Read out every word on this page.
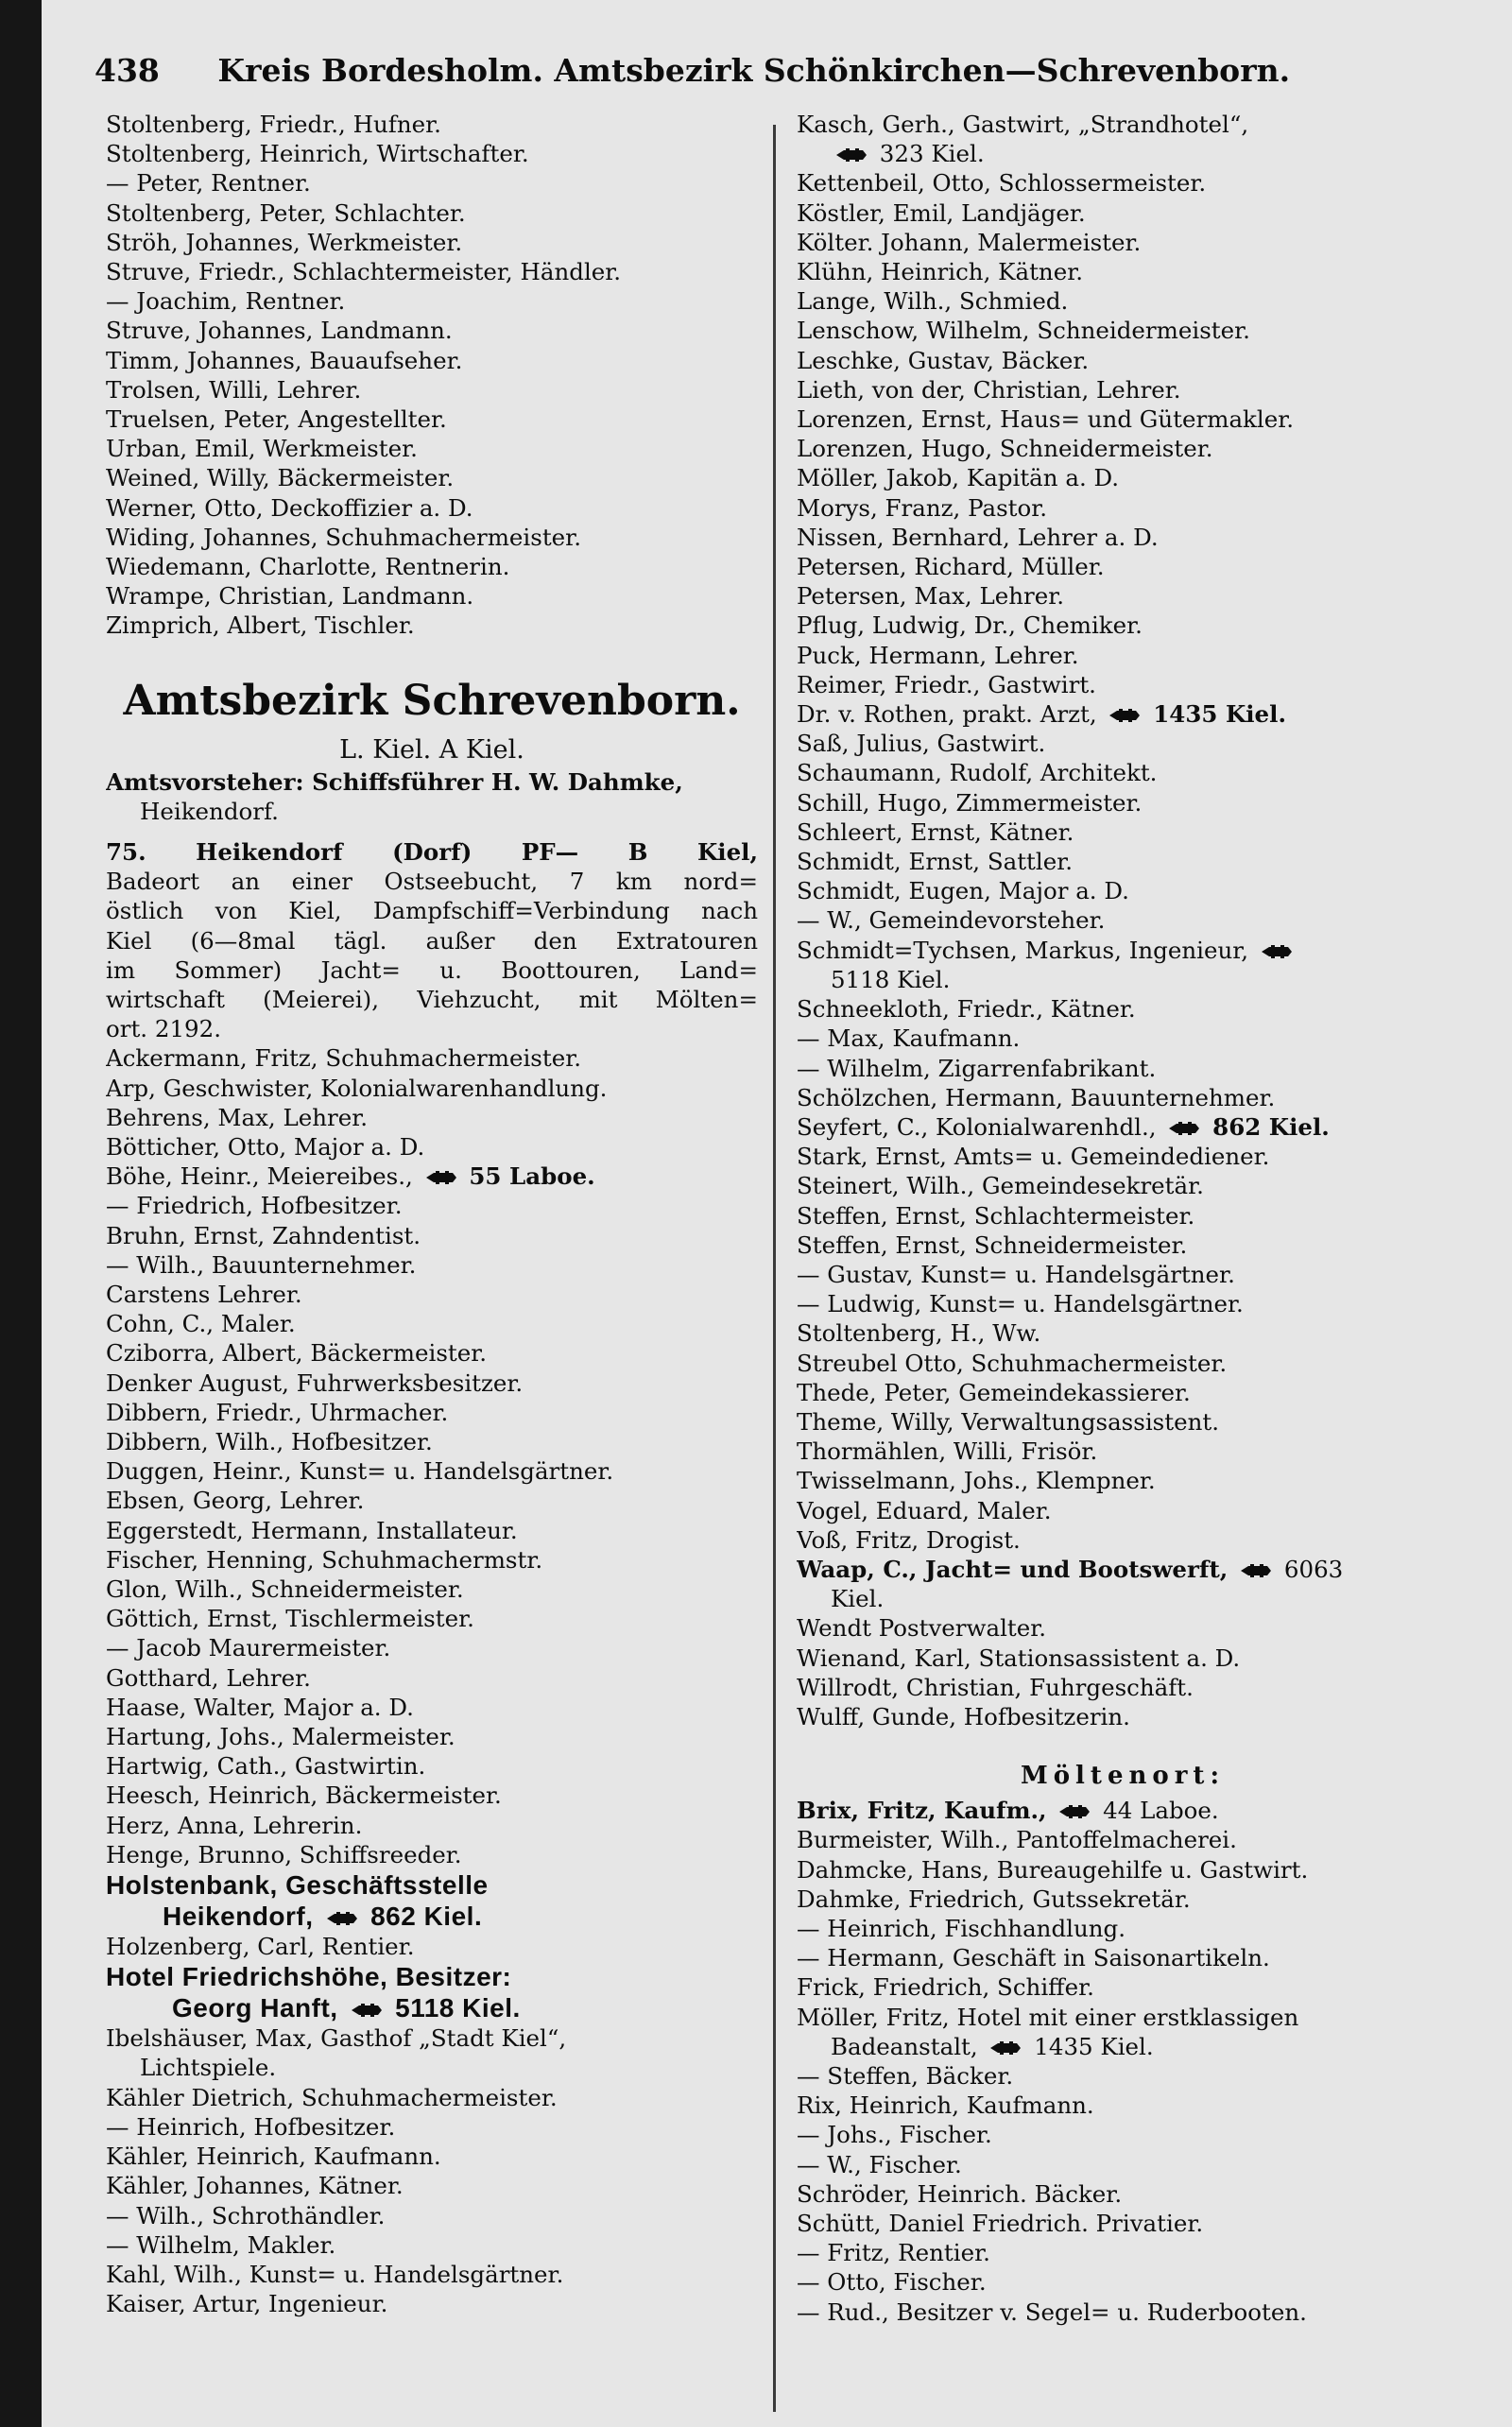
438 Kreis Bordesholm. Amtsbezirk Schönkirchen—Schrevenborn.
Stoltenberg, Friedr., Hufner.
Stoltenberg, Heinrich, Wirtschafter.
— Peter, Rentner.
Stoltenberg, Peter, Schlachter.
Ströh, Johannes, Werkmeister.
Struve, Friedr., Schlachtermeister, Händler.
— Joachim, Rentner.
Struve, Johannes, Landmann.
Timm, Johannes, Bauaufseher.
Trolsen, Willi, Lehrer.
Truelsen, Peter, Angestellter.
Urban, Emil, Werkmeister.
Weined, Willy, Bäckermeister.
Werner, Otto, Deckoffizier a. D.
Widing, Johannes, Schuhmachermeister.
Wiedemann, Charlotte, Rentnerin.
Wrampe, Christian, Landmann.
Zimprich, Albert, Tischler.
Amtsbezirk Schrevenborn.
L. Kiel. A Kiel.
Amtsvorsteher: Schiffsführer H. W. Dahmke,
Heikendorf.
75. Heikendorf (Dorf) PF— B Kiel,
Badeort an einer Ostseebucht, 7 km nord=
östlich von Kiel, Dampfschiff=Verbindung nach
Kiel (6—8mal tägl. außer den Extratouren
im Sommer) Jacht= u. Boottouren, Land=
wirtschaft (Meierei), Viehzucht, mit Mölten=
ort. 2192.
Ackermann, Fritz, Schuhmachermeister.
Arp, Geschwister, Kolonialwarenhandlung.
Behrens, Max, Lehrer.
Bötticher, Otto, Major a. D.
Böhe, Heinr., Meiereibes., 55 Laboe.
— Friedrich, Hofbesitzer.
Bruhn, Ernst, Zahndentist.
— Wilh., Bauunternehmer.
Carstens Lehrer.
Cohn, C., Maler.
Cziborra, Albert, Bäckermeister.
Denker August, Fuhrwerksbesitzer.
Dibbern, Friedr., Uhrmacher.
Dibbern, Wilh., Hofbesitzer.
Duggen, Heinr., Kunst= u. Handelsgärtner.
Ebsen, Georg, Lehrer.
Eggerstedt, Hermann, Installateur.
Fischer, Henning, Schuhmachermstr.
Glon, Wilh., Schneidermeister.
Göttich, Ernst, Tischlermeister.
— Jacob Maurermeister.
Gotthard, Lehrer.
Haase, Walter, Major a. D.
Hartung, Johs., Malermeister.
Hartwig, Cath., Gastwirtin.
Heesch, Heinrich, Bäckermeister.
Herz, Anna, Lehrerin.
Henge, Brunno, Schiffsreeder.
Holstenbank, Geschäftsstelle
Heikendorf, 862 Kiel.
Holzenberg, Carl, Rentier.
Hotel Friedrichshöhe, Besitzer:
Georg Hanft, 5118 Kiel.
Ibelshäuser, Max, Gasthof „Stadt Kiel“,
Lichtspiele.
Kähler Dietrich, Schuhmachermeister.
— Heinrich, Hofbesitzer.
Kähler, Heinrich, Kaufmann.
Kähler, Johannes, Kätner.
— Wilh., Schrothändler.
— Wilhelm, Makler.
Kahl, Wilh., Kunst= u. Handelsgärtner.
Kaiser, Artur, Ingenieur.
Kasch, Gerh., Gastwirt, „Strandhotel“,
323 Kiel.
Kettenbeil, Otto, Schlossermeister.
Köstler, Emil, Landjäger.
Költer. Johann, Malermeister.
Klühn, Heinrich, Kätner.
Lange, Wilh., Schmied.
Lenschow, Wilhelm, Schneidermeister.
Leschke, Gustav, Bäcker.
Lieth, von der, Christian, Lehrer.
Lorenzen, Ernst, Haus= und Gütermakler.
Lorenzen, Hugo, Schneidermeister.
Möller, Jakob, Kapitän a. D.
Morys, Franz, Pastor.
Nissen, Bernhard, Lehrer a. D.
Petersen, Richard, Müller.
Petersen, Max, Lehrer.
Pflug, Ludwig, Dr., Chemiker.
Puck, Hermann, Lehrer.
Reimer, Friedr., Gastwirt.
Dr. v. Rothen, prakt. Arzt, 1435 Kiel.
Saß, Julius, Gastwirt.
Schaumann, Rudolf, Architekt.
Schill, Hugo, Zimmermeister.
Schleert, Ernst, Kätner.
Schmidt, Ernst, Sattler.
Schmidt, Eugen, Major a. D.
— W., Gemeindevorsteher.
Schmidt=Tychsen, Markus, Ingenieur,
5118 Kiel.
Schneekloth, Friedr., Kätner.
— Max, Kaufmann.
— Wilhelm, Zigarrenfabrikant.
Schölzchen, Hermann, Bauunternehmer.
Seyfert, C., Kolonialwarenhdl., 862 Kiel.
Stark, Ernst, Amts= u. Gemeindediener.
Steinert, Wilh., Gemeindesekretär.
Steffen, Ernst, Schlachtermeister.
Steffen, Ernst, Schneidermeister.
— Gustav, Kunst= u. Handelsgärtner.
— Ludwig, Kunst= u. Handelsgärtner.
Stoltenberg, H., Ww.
Streubel Otto, Schuhmachermeister.
Thede, Peter, Gemeindekassierer.
Theme, Willy, Verwaltungsassistent.
Thormählen, Willi, Frisör.
Twisselmann, Johs., Klempner.
Vogel, Eduard, Maler.
Voß, Fritz, Drogist.
Waap, C., Jacht= und Bootswerft, 6063
Kiel.
Wendt Postverwalter.
Wienand, Karl, Stationsassistent a. D.
Willrodt, Christian, Fuhrgeschäft.
Wulff, Gunde, Hofbesitzerin.
Möltenort:
Brix, Fritz, Kaufm., 44 Laboe.
Burmeister, Wilh., Pantoffelmacherei.
Dahmcke, Hans, Bureaugehilfe u. Gastwirt.
Dahmke, Friedrich, Gutssekretär.
— Heinrich, Fischhandlung.
— Hermann, Geschäft in Saisonartikeln.
Frick, Friedrich, Schiffer.
Möller, Fritz, Hotel mit einer erstklassigen
Badeanstalt, 1435 Kiel.
— Steffen, Bäcker.
Rix, Heinrich, Kaufmann.
— Johs., Fischer.
— W., Fischer.
Schröder, Heinrich. Bäcker.
Schütt, Daniel Friedrich. Privatier.
— Fritz, Rentier.
— Otto, Fischer.
— Rud., Besitzer v. Segel= u. Ruderbooten.
